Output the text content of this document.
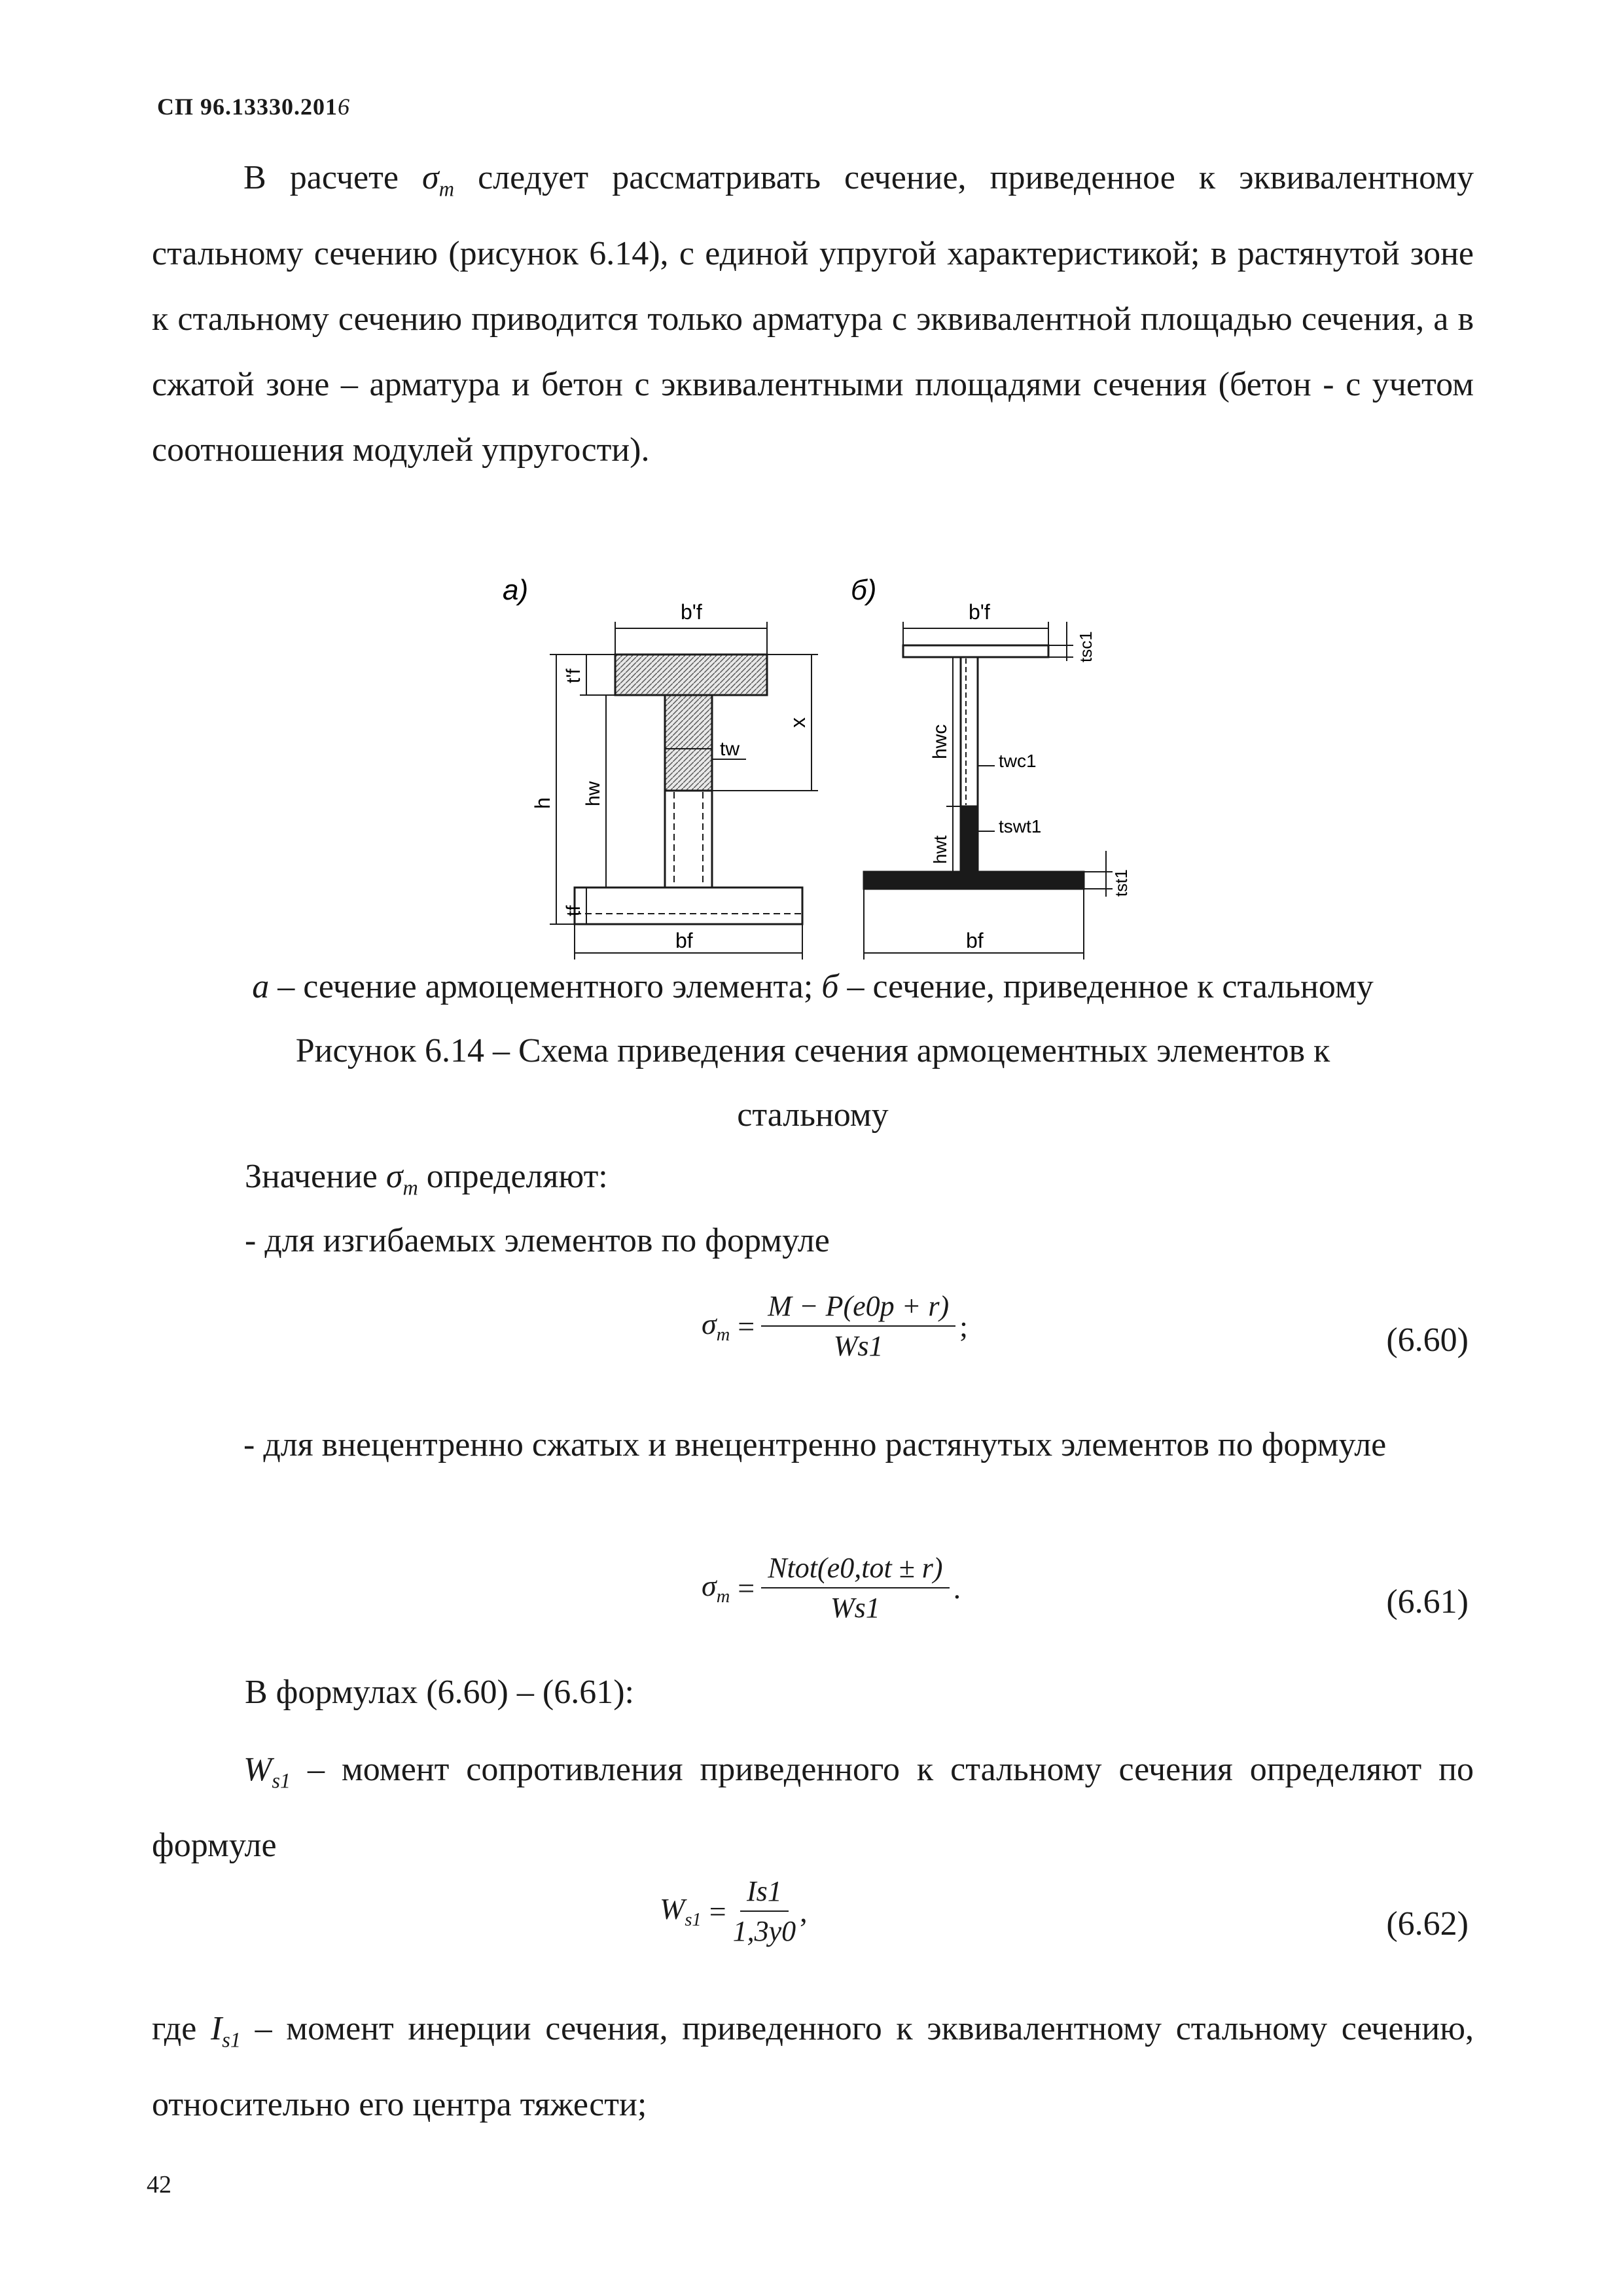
СП 96.13330.2016
В расчете $\sigma_m$ следует рассматривать сечение, приведенное к эквивалентному стальному сечению (рисунок 6.14), с единой упругой характеристикой; в растянутой зоне к стальному сечению приводится только арматура с эквивалентной площадью сечения, а в сжатой зоне – арматура и бетон с эквивалентными площадями сечения (бетон - с учетом соотношения модулей упругости).
а)	б)
b'f
t'f
h hw
tw
x
tf
bf
b'f
tsc1
hwc
twc1
tswt1
hwt
tst1
bf
а – сечение армоцементного элемента; б – сечение, приведенное к стальному
Рисунок 6.14 – Схема приведения сечения армоцементных элементов к
стальному
Значение $\sigma_m$ определяют:
- для изгибаемых элементов по формуле
$\sigma_m = \frac{M - P(e0p + r)}{Ws1}$ ;	(6.60)
- для внецентренно сжатых и внецентренно растянутых элементов по формуле
$\sigma_m = \frac{\text{Ntot(e0,tot ± r)}}{Ws1}$ .	(6.61)
В формулах (6.60) – (6.61):
$W_{s1}$ – момент сопротивления приведенного к стальному сечения определяют по формуле
$W_{s1} = \frac{Is1}{1,3y0}$ ,	(6.62)
где $I_{s1}$ – момент инерции сечения, приведенного к эквивалентному стальному сечению, относительно его центра тяжести;
42
